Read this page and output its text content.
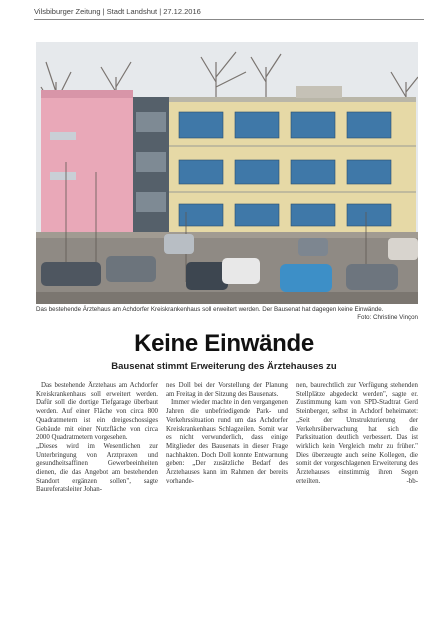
Vilsbiburger Zeitung | Stadt Landshut | 27.12.2016
Das bestehende Ärztehaus am Achdorfer Kreiskrankenhaus soll erweitert werden. Der Bausenat hat dagegen keine Einwände.
Foto: Christine Vinçon
Keine Einwände
Bausenat stimmt Erweiterung des Ärztehauses zu

Das bestehende Ärztehaus am Achdorfer Kreiskrankenhaus soll erweitert werden. Dafür soll die dortige Tiefgarage überbaut werden. Auf einer Fläche von circa 800 Quadratmetern ist ein dreigeschossiges Gebäude mit einer Nutzfläche von circa 2000 Quadratmetern vorgesehen.

„Dieses wird im Wesentlichen zur Unterbringung von Arztpraxen und gesundheitsaffinen Gewerbeeinheiten dienen, die das Angebot am bestehenden Standort ergänzen sollen", sagte Baureferatsleiter Johan-

nes Doll bei der Vorstellung der Planung am Freitag in der Sitzung des Bausenats.

Immer wieder machte in den vergangenen Jahren die unbefriedigende Park- und Verkehrssituation rund um das Achdorfer Kreiskrankenhaus Schlagzeilen. Somit war es nicht verwunderlich, dass einige Mitglieder des Bausenats in dieser Frage nachhakten. Doch Doll konnte Entwarnung geben: „Der zusätzliche Bedarf des Ärztehauses kann im Rahmen der bereits vorhande-

nen, baurechtlich zur Verfügung stehenden Stellplätze abgedeckt werden", sagte er. Zustimmung kam von SPD-Stadtrat Gerd Steinberger, selbst in Achdorf beheimatet: „Seit der Umstrukturierung der Verkehrsüberwachung hat sich die Parksituation deutlich verbessert. Das ist wirklich kein Vergleich mehr zu früher." Dies überzeugte auch seine Kollegen, die somit der vorgeschlagenen Erweiterung des Ärztehauses einstimmig ihren Segen erteilten.	-bb-
